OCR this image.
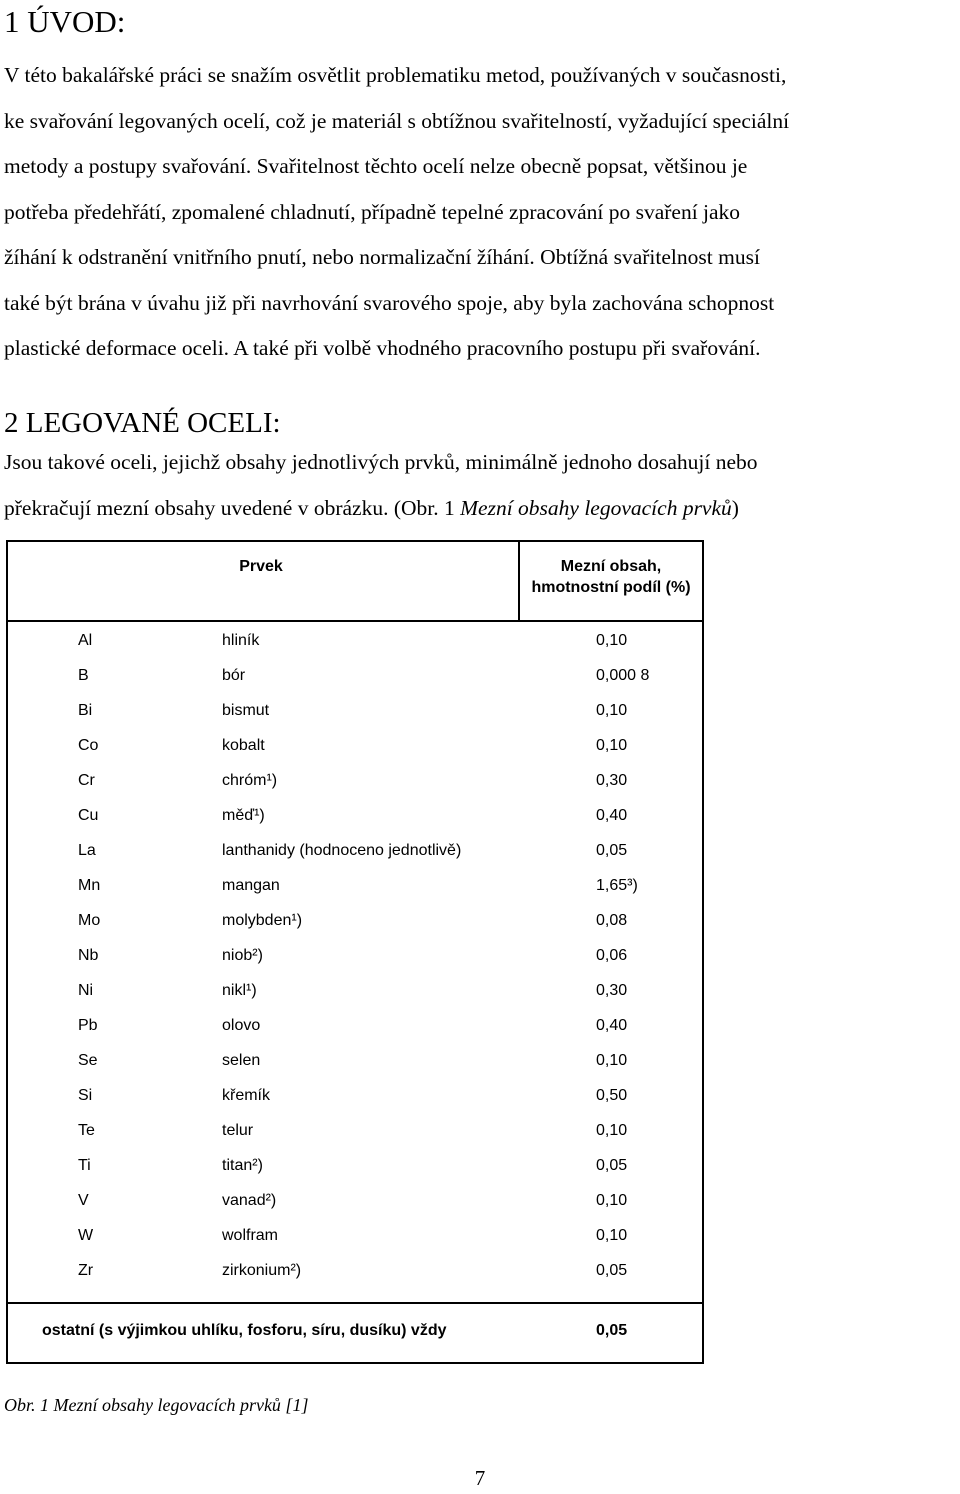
1 ÚVOD:
V této bakalářské práci se snažím osvětlit problematiku metod, používaných v současnosti,
ke svařování legovaných ocelí, což je materiál s obtížnou svařitelností, vyžadující speciální
metody a postupy svařování. Svařitelnost těchto ocelí nelze obecně popsat, většinou je
potřeba předehřátí, zpomalené chladnutí, případně tepelné zpracování po svaření jako
žíhání k odstranění vnitřního pnutí, nebo normalizační žíhání. Obtížná svařitelnost musí
také být brána v úvahu již při navrhování svarového spoje, aby byla zachována schopnost
plastické deformace oceli. A také při volbě vhodného pracovního postupu při svařování.
2 LEGOVANÉ OCELI:
Jsou takové oceli, jejichž obsahy jednotlivých prvků, minimálně jednoho dosahují nebo
překračují mezní obsahy uvedené v obrázku. (Obr. 1 Mezní obsahy legovacích prvků)
Prvek	Mezní obsah,
hmotnostní podíl (%)
Al	hliník	0,10
B	bór	0,000 8
Bi	bismut	0,10
Co	kobalt	0,10
Cr	chróm¹)	0,30
Cu	měď¹)	0,40
La	lanthanidy (hodnoceno jednotlivě)	0,05
Mn	mangan	1,65³)
Mo	molybden¹)	0,08
Nb	niob²)	0,06
Ni	nikl¹)	0,30
Pb	olovo	0,40
Se	selen	0,10
Si	křemík	0,50
Te	telur	0,10
Ti	titan²)	0,05
V	vanad²)	0,10
W	wolfram	0,10
Zr	zirkonium²)	0,05
ostatní (s výjimkou uhlíku, fosforu, síru, dusíku) vždy	0,05
Obr. 1 Mezní obsahy legovacích prvků [1]
7
